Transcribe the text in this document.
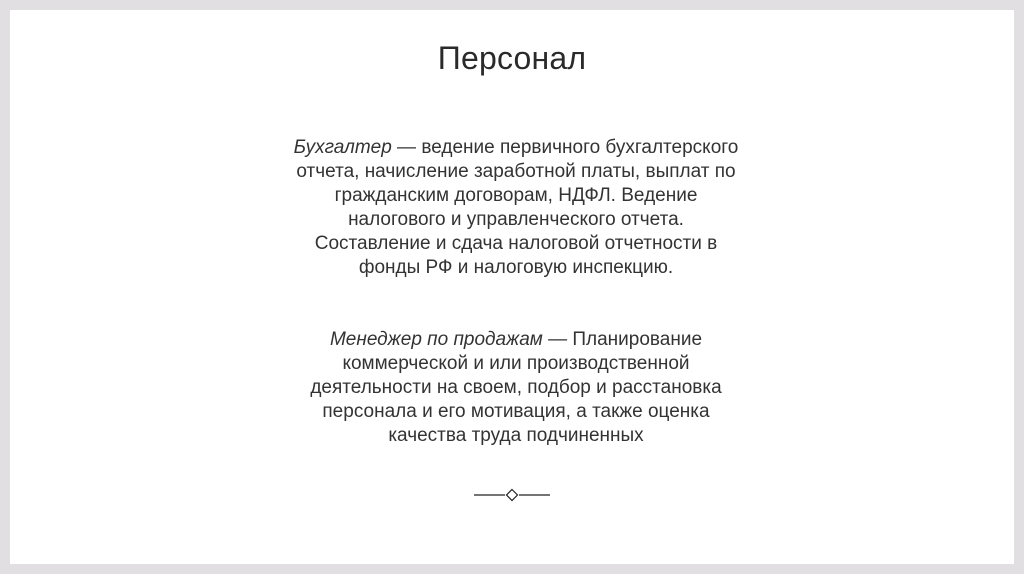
Персонал
Бухгалтер — ведение первичного бухгалтерского
отчета, начисление заработной платы, выплат по
гражданским договорам, НДФЛ. Ведение
налогового и управленческого отчета.
Составление и сдача налоговой отчетности в
фонды РФ и налоговую инспекцию.
Менеджер по продажам — Планирование
коммерческой и или производственной
деятельности на своем, подбор и расстановка
персонала и его мотивация, а также оценка
качества труда подчиненных
